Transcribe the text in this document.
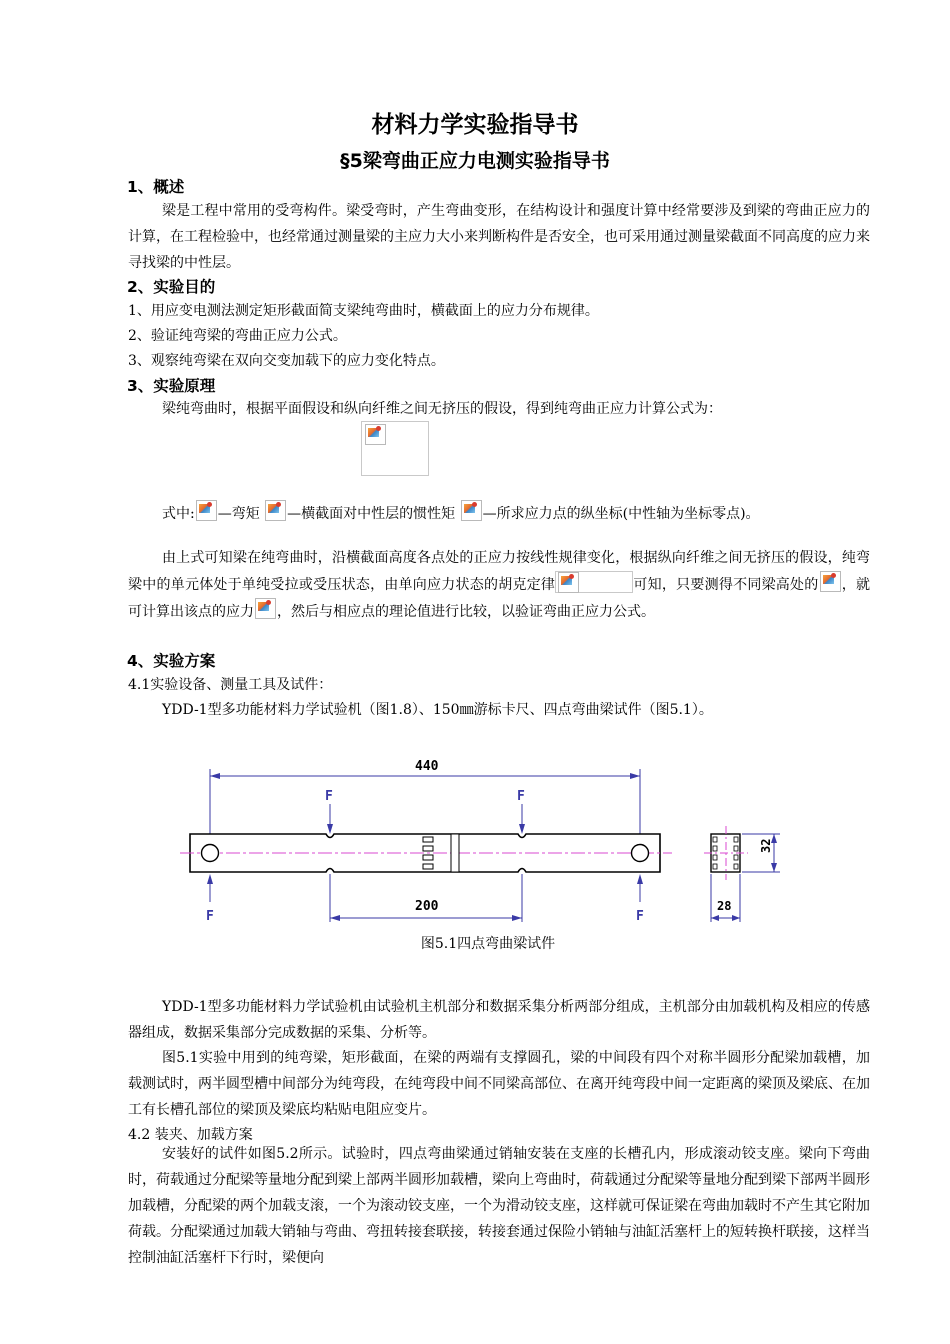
材料力学实验指导书
§5梁弯曲正应力电测实验指导书
1、概述
梁是工程中常用的受弯构件。梁受弯时，产生弯曲变形，在结构设计和强度计算中经常要涉及到梁的弯曲正应力的计算，在工程检验中，也经常通过测量梁的主应力大小来判断构件是否安全，也可采用通过测量梁截面不同高度的应力来寻找梁的中性层。
2、实验目的
1、用应变电测法测定矩形截面简支梁纯弯曲时，横截面上的应力分布规律。
2、验证纯弯梁的弯曲正应力公式。
3、观察纯弯梁在双向交变加载下的应力变化特点。
3、实验原理
梁纯弯曲时，根据平面假设和纵向纤维之间无挤压的假设，得到纯弯曲正应力计算公式为：
式中: —弯矩 —横截面对中性层的惯性矩 —所求应力点的纵坐标(中性轴为坐标零点)。
由上式可知梁在纯弯曲时，沿横截面高度各点处的正应力按线性规律变化，根据纵向纤维之间无挤压的假设，纯弯梁中的单元体处于单纯受拉或受压状态，由单向应力状态的胡克定律	可知，只要测得不同梁高处的 ，就可计算出该点的应力 ，然后与相应点的理论值进行比较，以验证弯曲正应力公式。
4、实验方案
4.1实验设备、测量工具及试件：
YDD-1型多功能材料力学试验机（图1.8）、150㎜游标卡尺、四点弯曲梁试件（图5.1）。
440
F	F
F	F
200
32
28
图5.1四点弯曲梁试件
YDD-1型多功能材料力学试验机由试验机主机部分和数据采集分析两部分组成，主机部分由加载机构及相应的传感器组成，数据采集部分完成数据的采集、分析等。
图5.1实验中用到的纯弯梁，矩形截面，在梁的两端有支撑圆孔，梁的中间段有四个对称半圆形分配梁加载槽，加载测试时，两半圆型槽中间部分为纯弯段，在纯弯段中间不同梁高部位、在离开纯弯段中间一定距离的梁顶及梁底、在加工有长槽孔部位的梁顶及梁底均粘贴电阻应变片。
4.2 装夹、加载方案
安装好的试件如图5.2所示。试验时，四点弯曲梁通过销轴安装在支座的长槽孔内，形成滚动铰支座。梁向下弯曲时，荷载通过分配梁等量地分配到梁上部两半圆形加载槽，梁向上弯曲时，荷载通过分配梁等量地分配到梁下部两半圆形加载槽，分配梁的两个加载支滚，一个为滚动铰支座，一个为滑动铰支座，这样就可保证梁在弯曲加载时不产生其它附加荷载。分配梁通过加载大销轴与弯曲、弯扭转接套联接，转接套通过保险小销轴与油缸活塞杆上的短转换杆联接，这样当控制油缸活塞杆下行时，梁便向
